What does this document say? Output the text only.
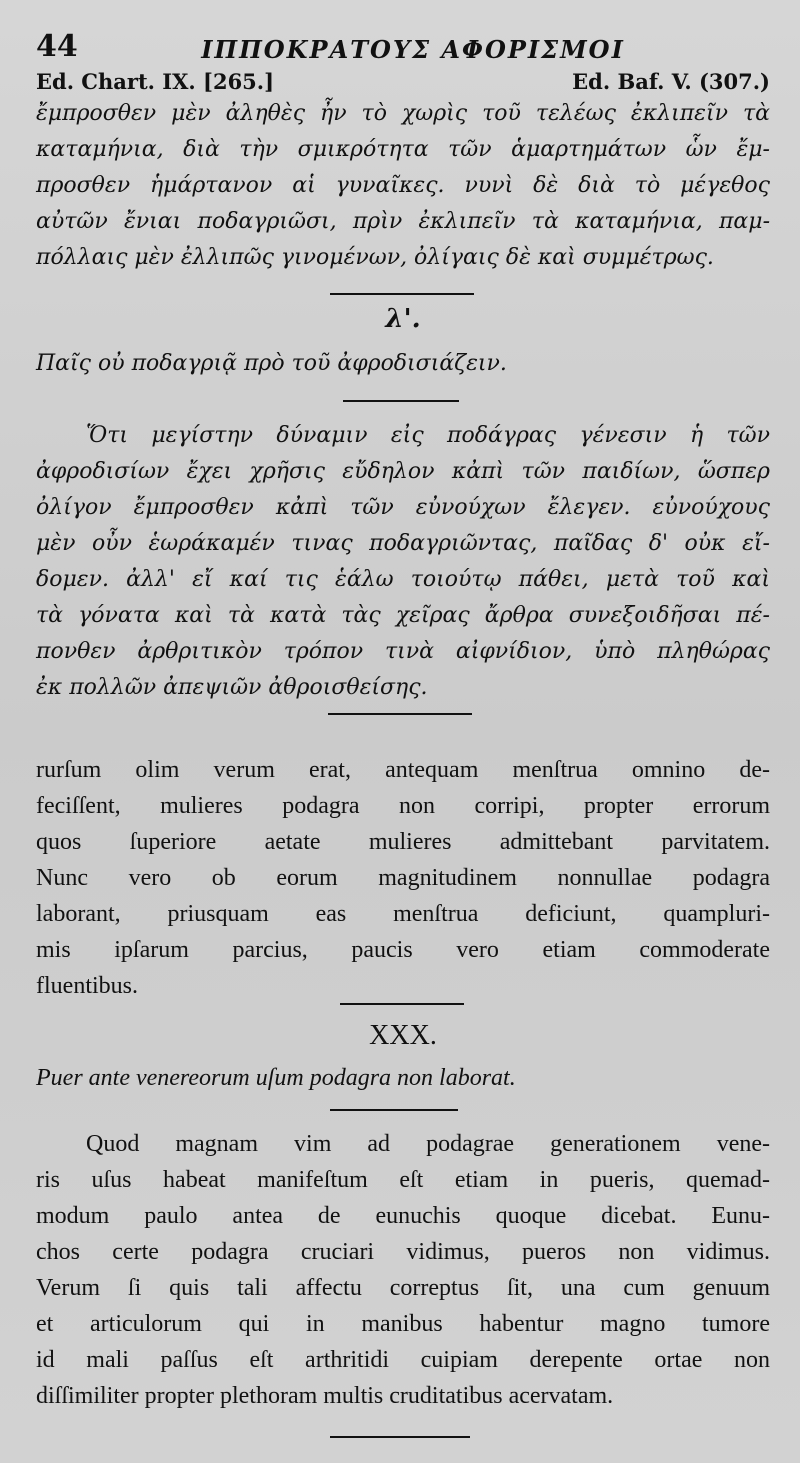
44	ΙΠΠΟΚΡΑΤΟΥΣ ΑΦΟΡΙΣΜΟΙ
Ed. Chart. IX. [265.]	Ed. Baf. V. (307.)
ἔμπροσθεν μὲν ἀληθὲς ἦν τὸ χωρὶς τοῦ τελέως ἐκλιπεῖν τὰ
καταμήνια, διὰ τὴν σμικρότητα τῶν ἁμαρτημάτων ὧν ἔμ-
προσθεν ἡμάρτανον αἱ γυναῖκες. νυνὶ δὲ διὰ τὸ μέγεθος
αὐτῶν ἔνιαι ποδαγριῶσι, πρὶν ἐκλιπεῖν τὰ καταμήνια, παμ-
πόλλαις μὲν ἐλλιπῶς γινομένων, ὀλίγαις δὲ καὶ συμμέτρως.
λ'.
Παῖς οὐ ποδαγριᾷ πρὸ τοῦ ἀφροδισιάζειν.
Ὅτι μεγίστην δύναμιν εἰς ποδάγρας γένεσιν ἡ τῶν
ἀφροδισίων ἔχει χρῆσις εὔδηλον κἀπὶ τῶν παιδίων, ὥσπερ
ὀλίγον ἔμπροσθεν κἀπὶ τῶν εὐνούχων ἔλεγεν. εὐνούχους
μὲν οὖν ἑωράκαμέν τινας ποδαγριῶντας, παῖδας δ' οὐκ εἴ-
δομεν. ἀλλ' εἴ καί τις ἑάλω τοιούτῳ πάθει, μετὰ τοῦ καὶ
τὰ γόνατα καὶ τὰ κατὰ τὰς χεῖρας ἄρθρα συνεξοιδῆσαι πέ-
πονθεν ἀρθριτικὸν τρόπον τινὰ αἰφνίδιον, ὑπὸ πληθώρας
ἐκ πολλῶν ἀπεψιῶν ἀθροισθείσης.
rurſum olim verum erat, antequam menſtrua omnino de-
feciſſent, mulieres podagra non corripi, propter errorum
quos ſuperiore aetate mulieres admittebant parvitatem.
Nunc vero ob eorum magnitudinem nonnullae podagra
laborant, priusquam eas menſtrua deficiunt, quamplurі-
mis ipſarum parcius, paucis vero etiam commoderate
fluentibus.
XXX.
Puer ante venereorum uſum podagra non laborat.
Quod magnam vim ad podagrae generationem vene-
ris uſus habeat manifeſtum eſt etiam in pueris, quemad-
modum paulo antea de eunuchis quoque dicebat. Eunu-
chos certe podagra cruciari vidimus, pueros non vidimus.
Verum ſi quis tali affectu correptus ſit, una cum genuum
et articulorum qui in manibus habentur magno tumore
id mali paſſus eſt arthritidi cuipiam derepente ortae non
diſſimiliter propter plethoram multis cruditatibus acervatam.
